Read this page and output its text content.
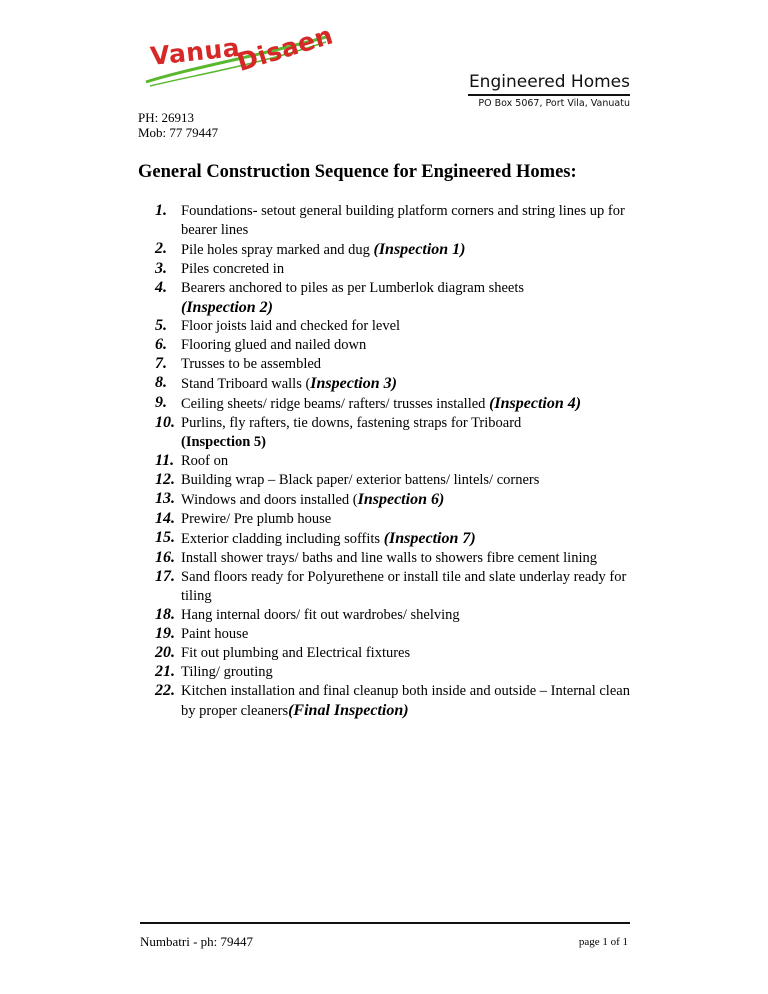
Vanua
Disaen
Engineered Homes
PO Box 5067, Port Vila, Vanuatu
PH: 26913
Mob: 77 79447
General Construction Sequence for Engineered Homes:
1. Foundations- setout general building platform corners and string lines up for bearer lines
2. Pile holes spray marked and dug (Inspection 1)
3. Piles concreted in
4. Bearers anchored to piles as per Lumberlok diagram sheets
(Inspection 2)
5. Floor joists laid and checked for level
6. Flooring glued and nailed down
7. Trusses to be assembled
8. Stand Triboard walls (Inspection 3)
9. Ceiling sheets/ ridge beams/ rafters/ trusses installed (Inspection 4)
10. Purlins, fly rafters, tie downs, fastening straps for Triboard
(Inspection 5)
11. Roof on
12. Building wrap – Black paper/ exterior battens/ lintels/ corners
13. Windows and doors installed (Inspection 6)
14. Prewire/ Pre plumb house
15. Exterior cladding including soffits (Inspection 7)
16. Install shower trays/ baths and line walls to showers fibre cement lining
17. Sand floors ready for Polyurethene or install tile and slate underlay ready for tiling
18. Hang internal doors/ fit out wardrobes/ shelving
19. Paint house
20. Fit out plumbing and Electrical fixtures
21. Tiling/ grouting
22. Kitchen installation and final cleanup both inside and outside – Internal clean by proper cleaners(Final Inspection)
Numbatri - ph: 79447	page 1 of 1
